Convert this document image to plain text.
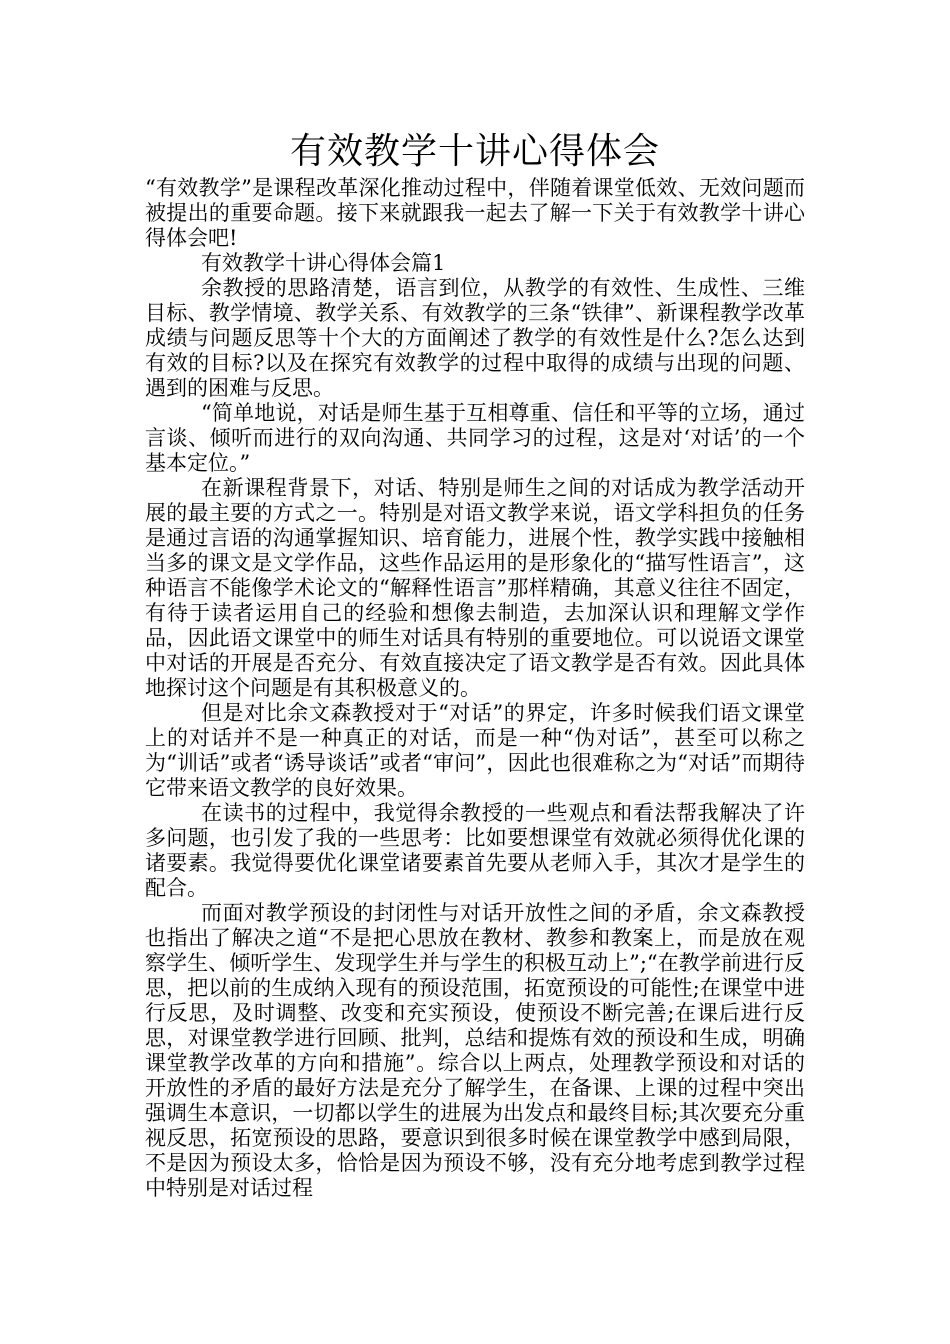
有效教学十讲心得体会

“有效教学”是课程改革深化推动过程中，伴随着课堂低效、无效问题而被提出的重要命题。接下来就跟我一起去了解一下关于有效教学十讲心得体会吧!

有效教学十讲心得体会篇1

余教授的思路清楚，语言到位，从教学的有效性、生成性、三维目标、教学情境、教学关系、有效教学的三条“铁律”、新课程教学改革成绩与问题反思等十个大的方面阐述了教学的有效性是什么?怎么达到有效的目标?以及在探究有效教学的过程中取得的成绩与出现的问题、遇到的困难与反思。

“简单地说，对话是师生基于互相尊重、信任和平等的立场，通过言谈、倾听而进行的双向沟通、共同学习的过程，这是对‘对话’的一个基本定位。”

在新课程背景下，对话、特别是师生之间的对话成为教学活动开展的最主要的方式之一。特别是对语文教学来说，语文学科担负的任务是通过言语的沟通掌握知识、培育能力，进展个性，教学实践中接触相当多的课文是文学作品，这些作品运用的是形象化的“描写性语言”，这种语言不能像学术论文的“解释性语言”那样精确，其意义往往不固定，有待于读者运用自己的经验和想像去制造，去加深认识和理解文学作品，因此语文课堂中的师生对话具有特别的重要地位。可以说语文课堂中对话的开展是否充分、有效直接决定了语文教学是否有效。因此具体地探讨这个问题是有其积极意义的。

但是对比余文森教授对于“对话”的界定，许多时候我们语文课堂上的对话并不是一种真正的对话，而是一种“伪对话”，甚至可以称之为“训话”或者“诱导谈话”或者“审问”，因此也很难称之为“对话”而期待它带来语文教学的良好效果。

在读书的过程中，我觉得余教授的一些观点和看法帮我解决了许多问题，也引发了我的一些思考：比如要想课堂有效就必须得优化课的诸要素。我觉得要优化课堂诸要素首先要从老师入手，其次才是学生的配合。

而面对教学预设的封闭性与对话开放性之间的矛盾，余文森教授也指出了解决之道“不是把心思放在教材、教参和教案上，而是放在观察学生、倾听学生、发现学生并与学生的积极互动上”;“在教学前进行反思，把以前的生成纳入现有的预设范围，拓宽预设的可能性;在课堂中进行反思，及时调整、改变和充实预设，使预设不断完善;在课后进行反思，对课堂教学进行回顾、批判，总结和提炼有效的预设和生成，明确课堂教学改革的方向和措施”。综合以上两点，处理教学预设和对话的开放性的矛盾的最好方法是充分了解学生，在备课、上课的过程中突出强调生本意识，一切都以学生的进展为出发点和最终目标;其次要充分重视反思，拓宽预设的思路，要意识到很多时候在课堂教学中感到局限，不是因为预设太多，恰恰是因为预设不够，没有充分地考虑到教学过程中特别是对话过程
